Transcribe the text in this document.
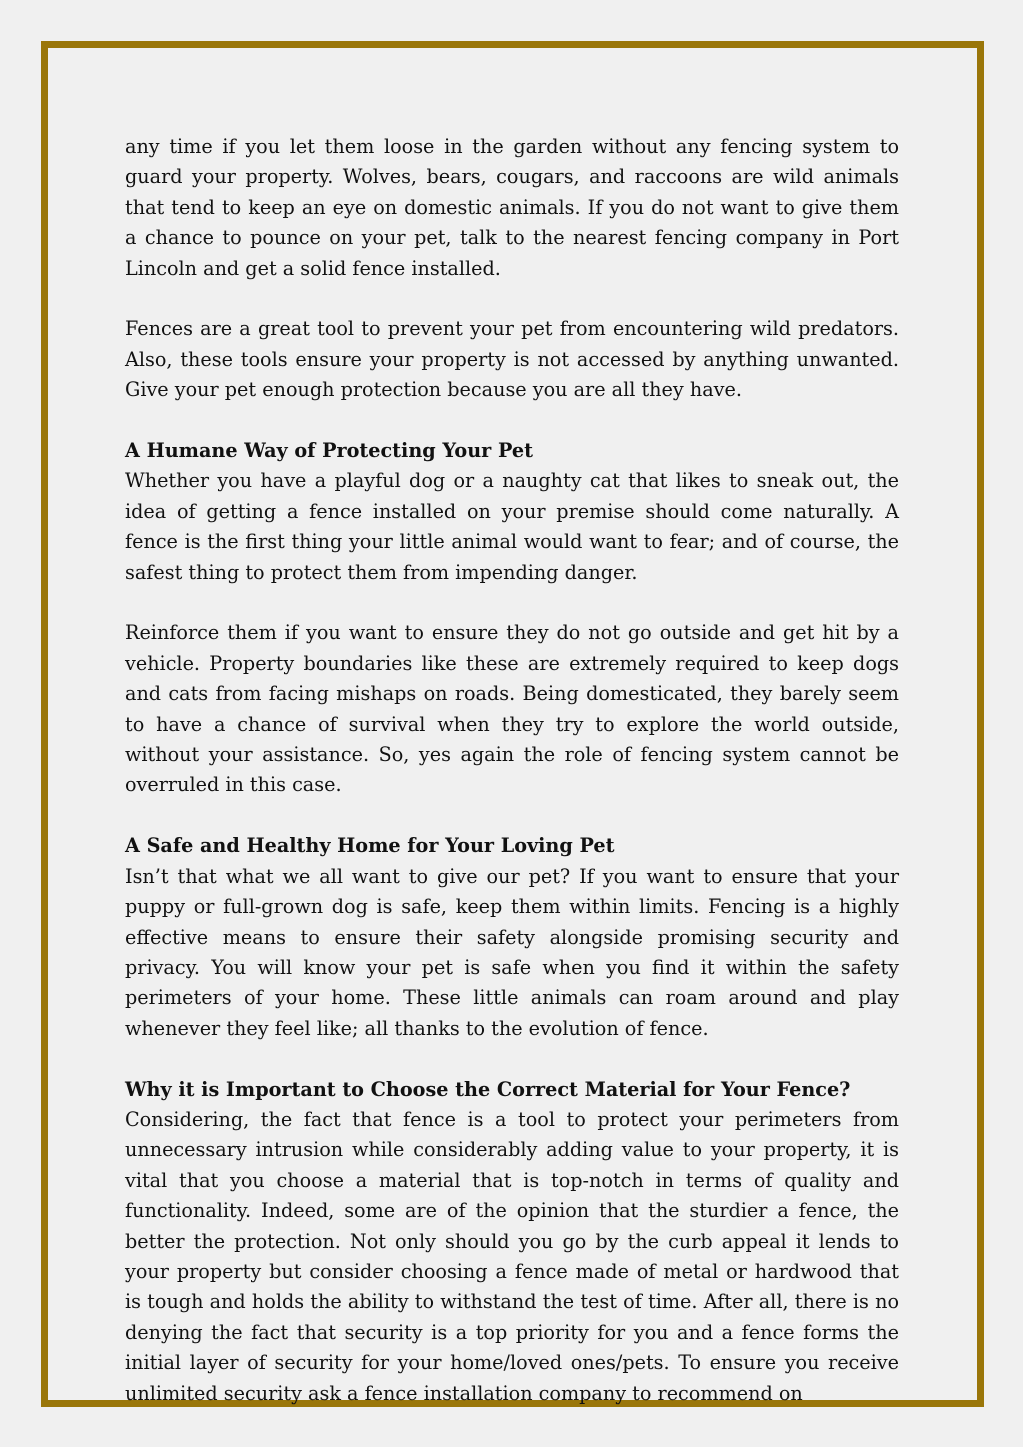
any time if you let them loose in the garden without any fencing system to guard your property. Wolves, bears, cougars, and raccoons are wild animals that tend to keep an eye on domestic animals. If you do not want to give them a chance to pounce on your pet, talk to the nearest fencing company in Port Lincoln and get a solid fence installed.

Fences are a great tool to prevent your pet from encountering wild predators. Also, these tools ensure your property is not accessed by anything unwanted. Give your pet enough protection because you are all they have.

A Humane Way of Protecting Your Pet

Whether you have a playful dog or a naughty cat that likes to sneak out, the idea of getting a fence installed on your premise should come naturally. A fence is the first thing your little animal would want to fear; and of course, the safest thing to protect them from impending danger.

Reinforce them if you want to ensure they do not go outside and get hit by a vehicle. Property boundaries like these are extremely required to keep dogs and cats from facing mishaps on roads. Being domesticated, they barely seem to have a chance of survival when they try to explore the world outside, without your assistance. So, yes again the role of fencing system cannot be overruled in this case.

A Safe and Healthy Home for Your Loving Pet

Isn’t that what we all want to give our pet? If you want to ensure that your puppy or full-grown dog is safe, keep them within limits. Fencing is a highly effective means to ensure their safety alongside promising security and privacy. You will know your pet is safe when you find it within the safety perimeters of your home. These little animals can roam around and play whenever they feel like; all thanks to the evolution of fence.

Why it is Important to Choose the Correct Material for Your Fence?

Considering, the fact that fence is a tool to protect your perimeters from unnecessary intrusion while considerably adding value to your property, it is vital that you choose a material that is top-notch in terms of quality and functionality. Indeed, some are of the opinion that the sturdier a fence, the better the protection. Not only should you go by the curb appeal it lends to your property but consider choosing a fence made of metal or hardwood that is tough and holds the ability to withstand the test of time. After all, there is no denying the fact that security is a top priority for you and a fence forms the initial layer of security for your home/loved ones/pets. To ensure you receive unlimited security ask a fence installation company to recommend on
